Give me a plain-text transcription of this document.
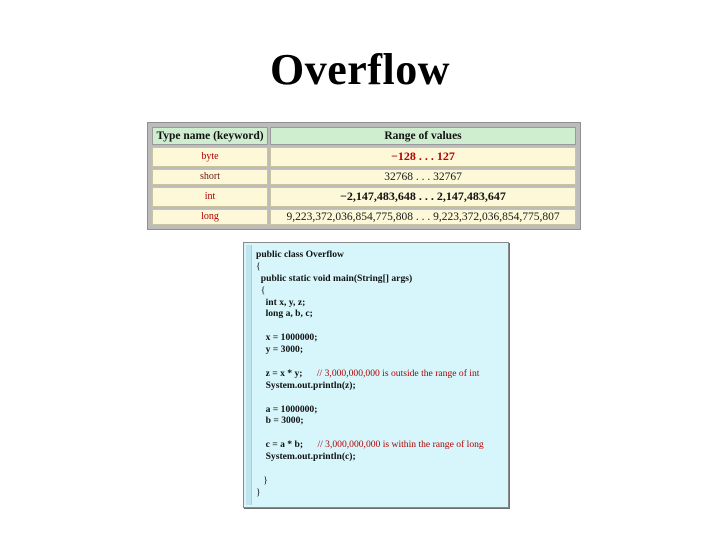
Overflow
Type name (keyword)	Range of values
byte	−128 . . . 127
short	32768 . . . 32767
int	−2,147,483,648 . . . 2,147,483,647
long	9,223,372,036,854,775,808 . . . 9,223,372,036,854,775,807
public class Overflow
{
public static void main(String[] args)
{
int x, y, z;
long a, b, c;

x = 1000000;
y = 3000;

z = x * y; // 3,000,000,000 is outside the range of int
System.out.println(z);

a = 1000000;
b = 3000;

c = a * b; // 3,000,000,000 is within the range of long
System.out.println(c);

}
}
